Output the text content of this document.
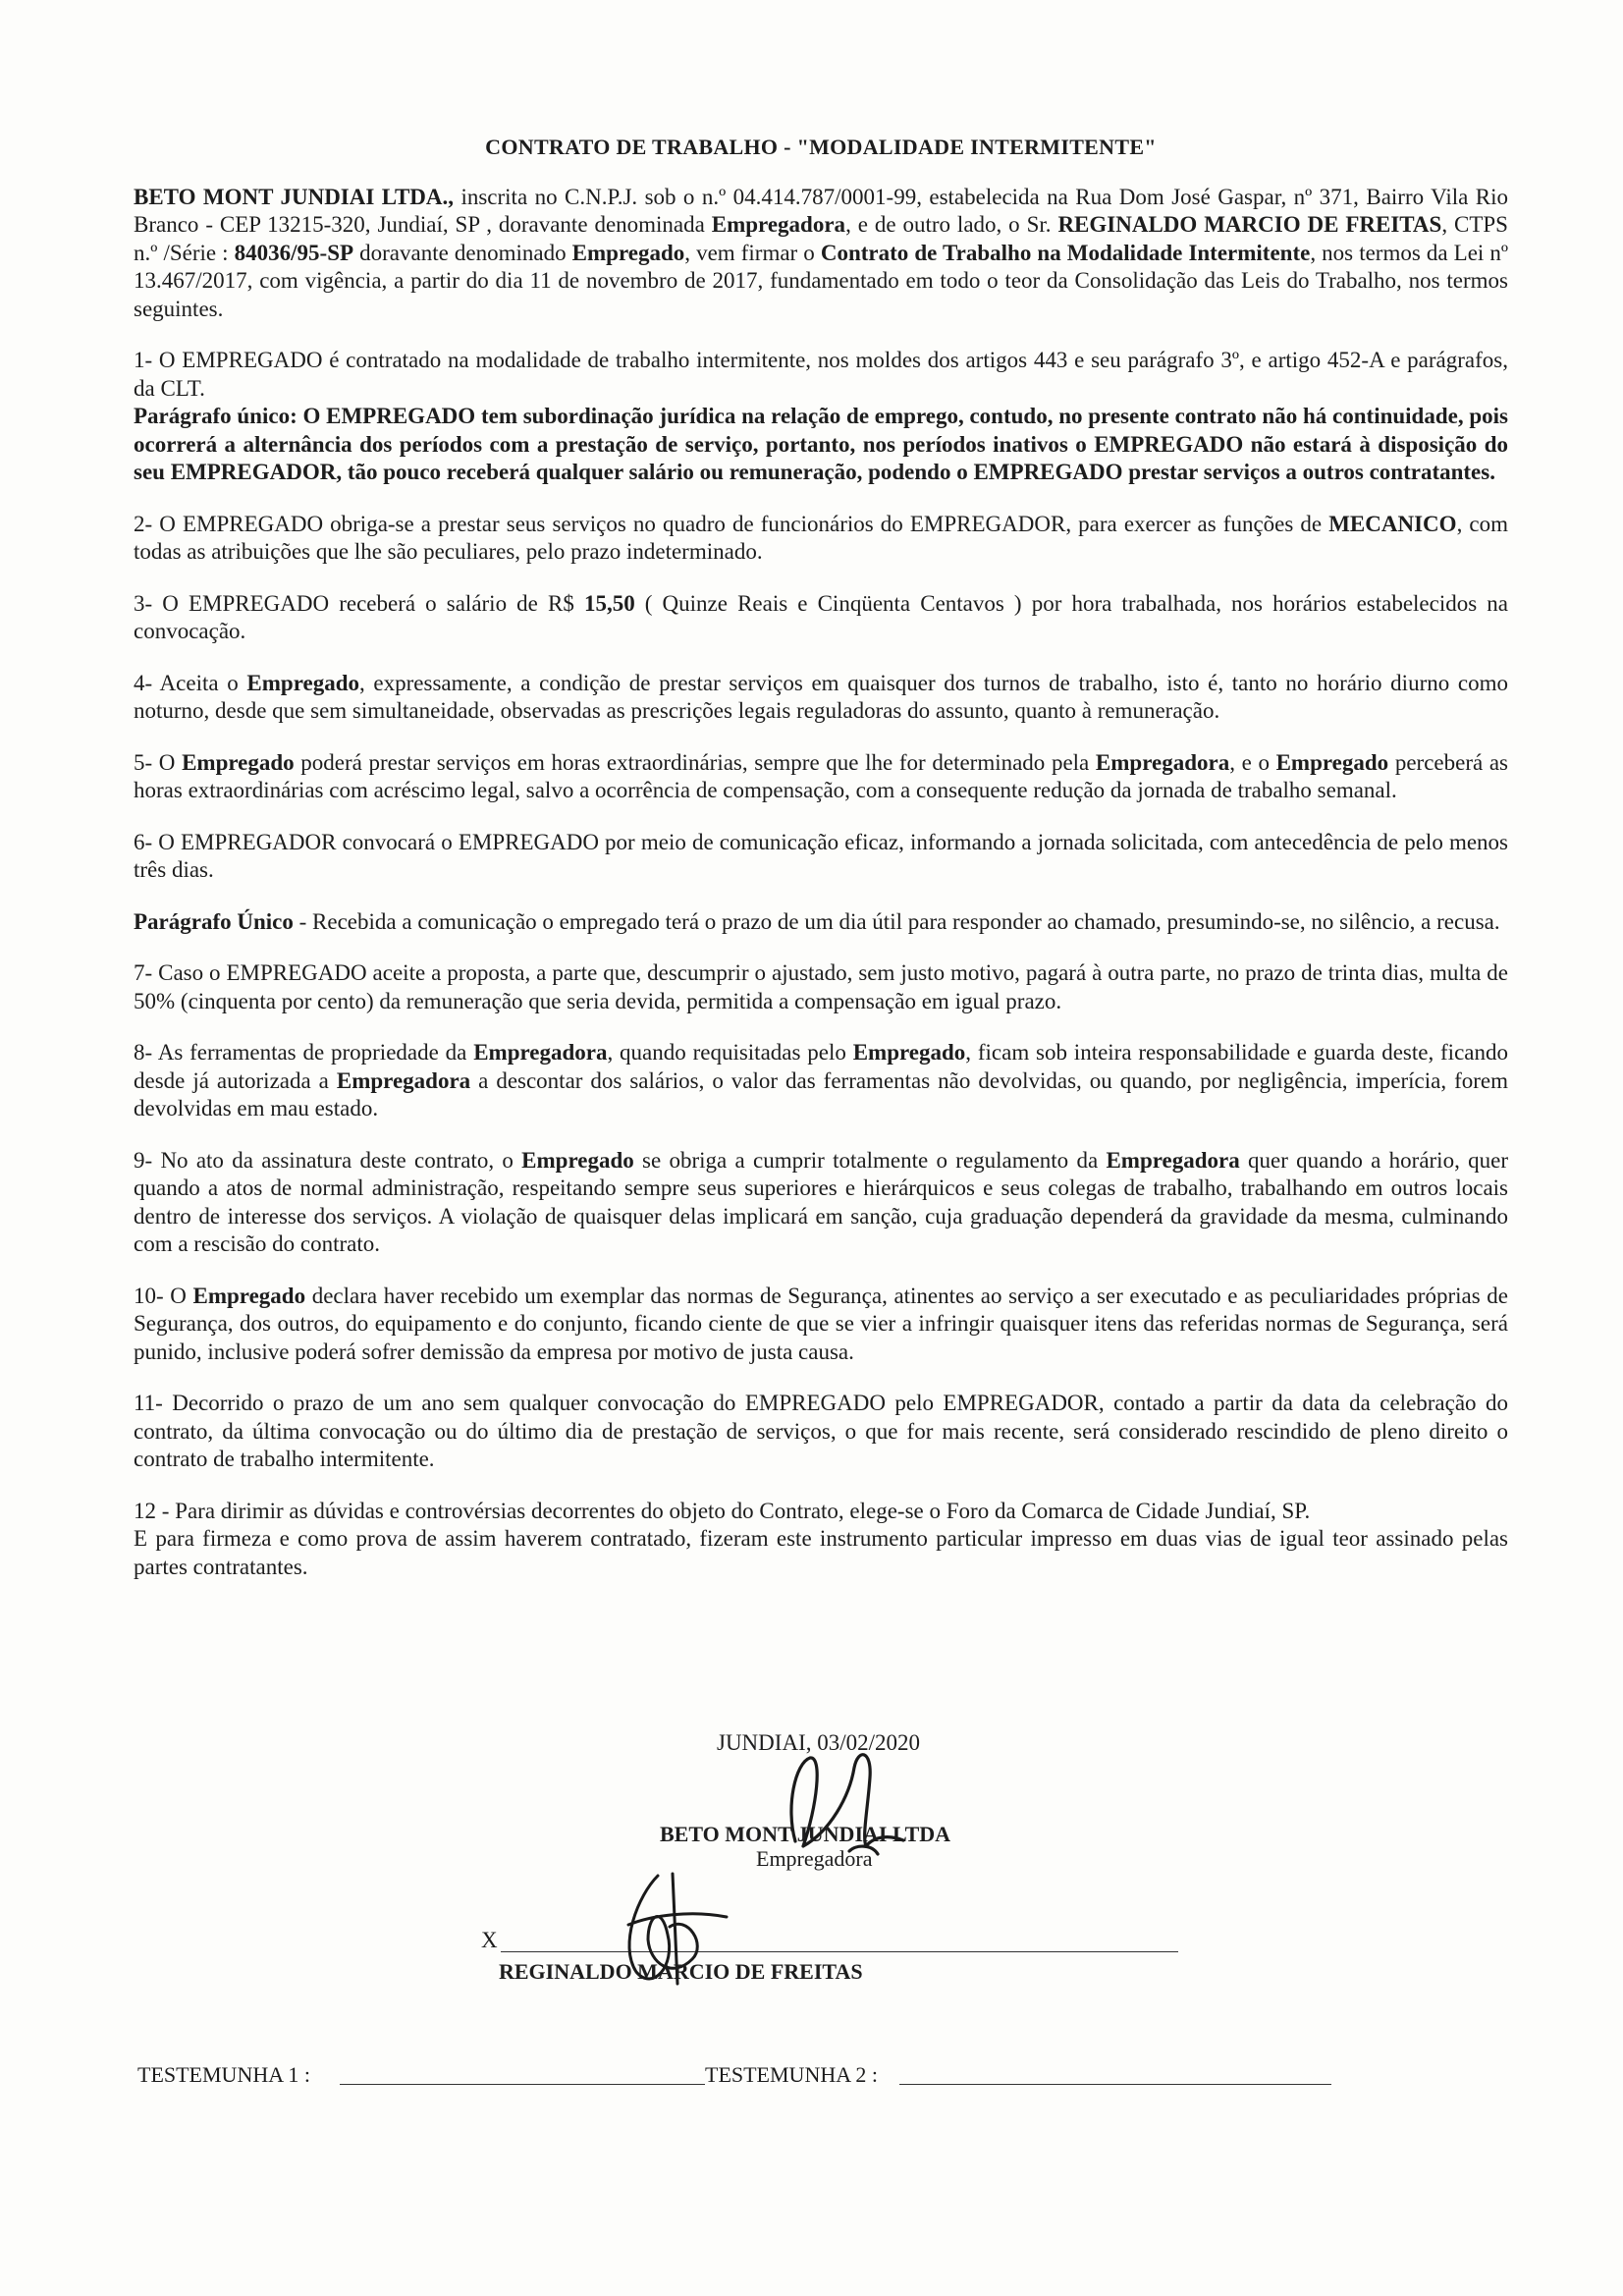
CONTRATO DE TRABALHO - "MODALIDADE INTERMITENTE"

BETO MONT JUNDIAI LTDA., inscrita no C.N.P.J. sob o n.º 04.414.787/0001-99, estabelecida na Rua Dom José Gaspar, nº 371, Bairro Vila Rio Branco - CEP 13215-320, Jundiaí, SP , doravante denominada Empregadora, e de outro lado, o Sr. REGINALDO MARCIO DE FREITAS, CTPS n.º /Série : 84036/95-SP doravante denominado Empregado, vem firmar o Contrato de Trabalho na Modalidade Intermitente, nos termos da Lei nº 13.467/2017, com vigência, a partir do dia 11 de novembro de 2017, fundamentado em todo o teor da Consolidação das Leis do Trabalho, nos termos seguintes.

1- O EMPREGADO é contratado na modalidade de trabalho intermitente, nos moldes dos artigos 443 e seu parágrafo 3º, e artigo 452-A e parágrafos, da CLT.

Parágrafo único: O EMPREGADO tem subordinação jurídica na relação de emprego, contudo, no presente contrato não há continuidade, pois ocorrerá a alternância dos períodos com a prestação de serviço, portanto, nos períodos inativos o EMPREGADO não estará à disposição do seu EMPREGADOR, tão pouco receberá qualquer salário ou remuneração, podendo o EMPREGADO prestar serviços a outros contratantes.

2- O EMPREGADO obriga-se a prestar seus serviços no quadro de funcionários do EMPREGADOR, para exercer as funções de MECANICO, com todas as atribuições que lhe são peculiares, pelo prazo indeterminado.

3- O EMPREGADO receberá o salário de R$ 15,50 ( Quinze Reais e Cinqüenta Centavos ) por hora trabalhada, nos horários estabelecidos na convocação.

4- Aceita o Empregado, expressamente, a condição de prestar serviços em quaisquer dos turnos de trabalho, isto é, tanto no horário diurno como noturno, desde que sem simultaneidade, observadas as prescrições legais reguladoras do assunto, quanto à remuneração.

5- O Empregado poderá prestar serviços em horas extraordinárias, sempre que lhe for determinado pela Empregadora, e o Empregado perceberá as horas extraordinárias com acréscimo legal, salvo a ocorrência de compensação, com a consequente redução da jornada de trabalho semanal.

6- O EMPREGADOR convocará o EMPREGADO por meio de comunicação eficaz, informando a jornada solicitada, com antecedência de pelo menos três dias.

Parágrafo Único - Recebida a comunicação o empregado terá o prazo de um dia útil para responder ao chamado, presumindo-se, no silêncio, a recusa.

7- Caso o EMPREGADO aceite a proposta, a parte que, descumprir o ajustado, sem justo motivo, pagará à outra parte, no prazo de trinta dias, multa de 50% (cinquenta por cento) da remuneração que seria devida, permitida a compensação em igual prazo.

8- As ferramentas de propriedade da Empregadora, quando requisitadas pelo Empregado, ficam sob inteira responsabilidade e guarda deste, ficando desde já autorizada a Empregadora a descontar dos salários, o valor das ferramentas não devolvidas, ou quando, por negligência, imperícia, forem devolvidas em mau estado.

9- No ato da assinatura deste contrato, o Empregado se obriga a cumprir totalmente o regulamento da Empregadora quer quando a horário, quer quando a atos de normal administração, respeitando sempre seus superiores e hierárquicos e seus colegas de trabalho, trabalhando em outros locais dentro de interesse dos serviços. A violação de quaisquer delas implicará em sanção, cuja graduação dependerá da gravidade da mesma, culminando com a rescisão do contrato.

10- O Empregado declara haver recebido um exemplar das normas de Segurança, atinentes ao serviço a ser executado e as peculiaridades próprias de Segurança, dos outros, do equipamento e do conjunto, ficando ciente de que se vier a infringir quaisquer itens das referidas normas de Segurança, será punido, inclusive poderá sofrer demissão da empresa por motivo de justa causa.

11- Decorrido o prazo de um ano sem qualquer convocação do EMPREGADO pelo EMPREGADOR, contado a partir da data da celebração do contrato, da última convocação ou do último dia de prestação de serviços, o que for mais recente, será considerado rescindido de pleno direito o contrato de trabalho intermitente.

12 - Para dirimir as dúvidas e controvérsias decorrentes do objeto do Contrato, elege-se o Foro da Comarca de Cidade Jundiaí, SP.

E para firmeza e como prova de assim haverem contratado, fizeram este instrumento particular impresso em duas vias de igual teor assinado pelas partes contratantes.

JUNDIAI, 03/02/2020
BETO MONT JUNDIAI LTDA
Empregadora
X
REGINALDO MARCIO DE FREITAS
TESTEMUNHA 1 :	TESTEMUNHA 2 :
